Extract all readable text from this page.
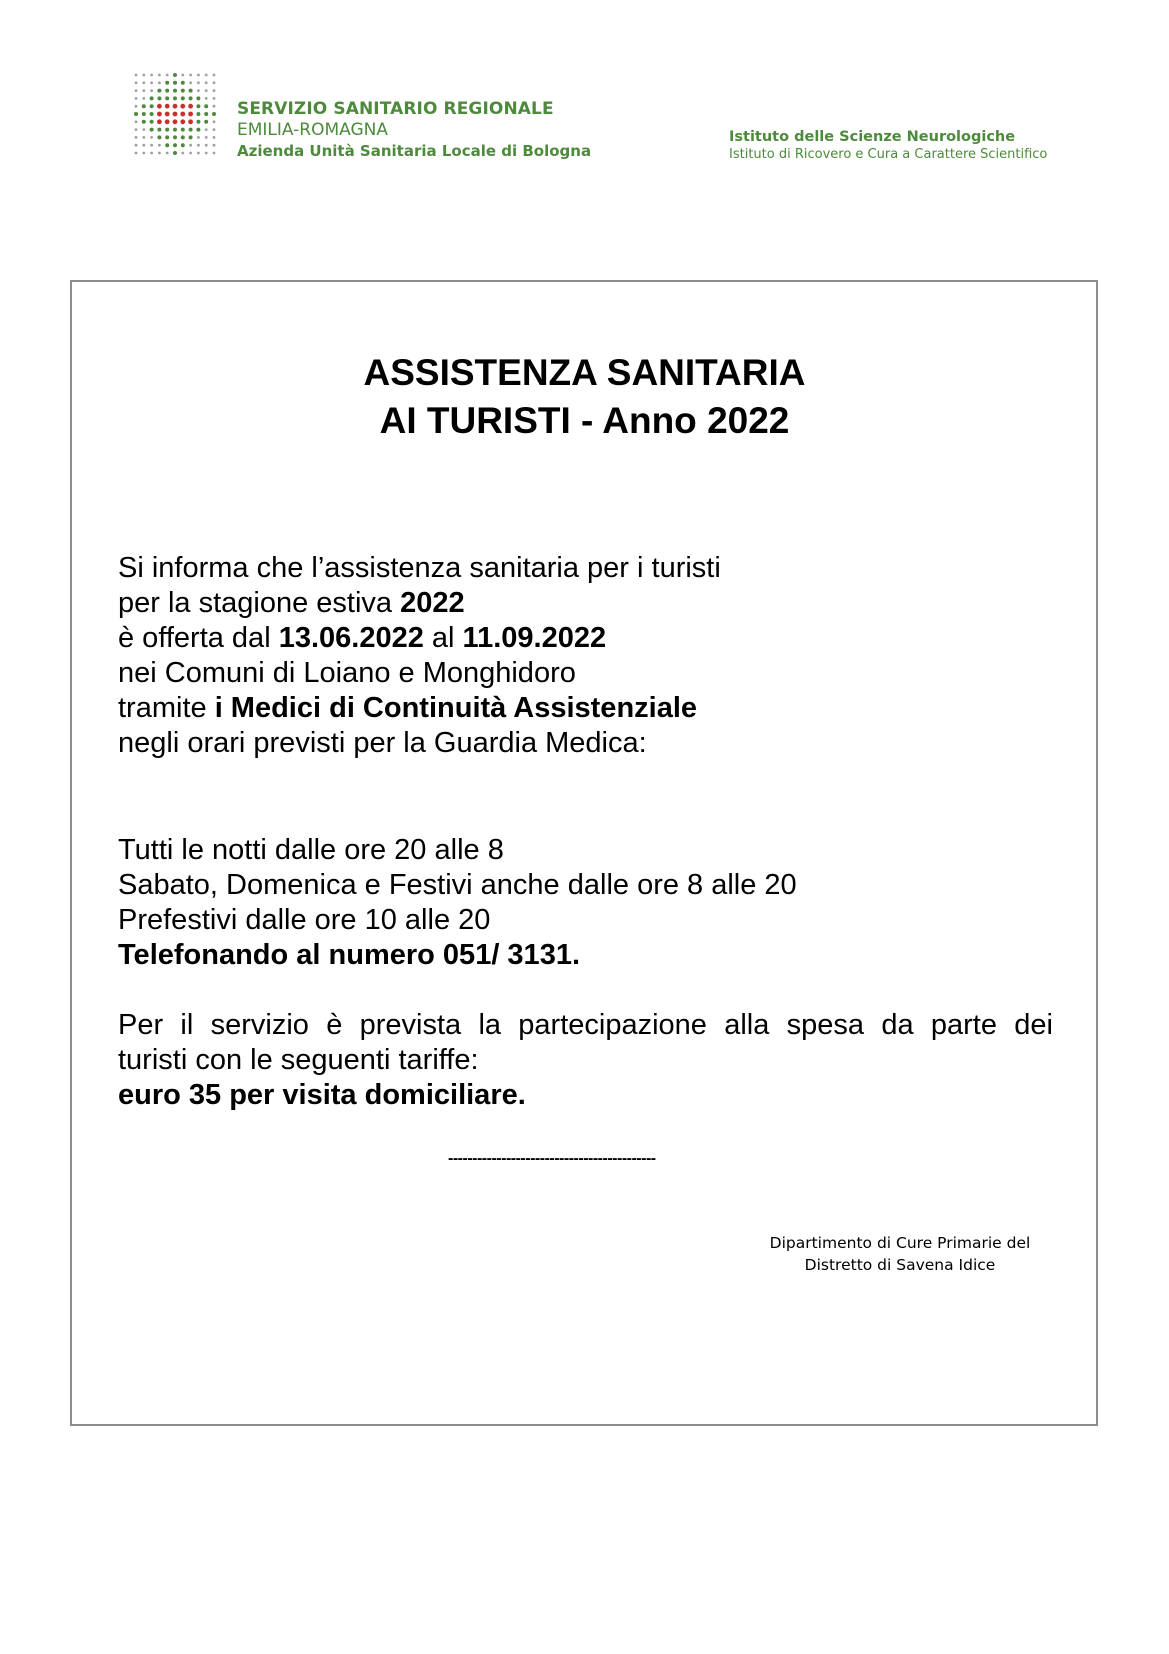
SERVIZIO SANITARIO REGIONALE
EMILIA-ROMAGNA
Azienda Unità Sanitaria Locale di Bologna
Istituto delle Scienze Neurologiche
Istituto di Ricovero e Cura a Carattere Scientifico
ASSISTENZA SANITARIA
AI TURISTI - Anno 2022
Si informa che l’assistenza sanitaria per i turisti
per la stagione estiva 2022
è offerta dal 13.06.2022 al 11.09.2022
nei Comuni di Loiano e Monghidoro
tramite i Medici di Continuità Assistenziale
negli orari previsti per la Guardia Medica:
Tutti le notti dalle ore 20 alle 8
Sabato, Domenica e Festivi anche dalle ore 8 alle 20
Prefestivi dalle ore 10 alle 20
Telefonando al numero 051/ 3131.
Per il servizio è prevista la partecipazione alla spesa da parte dei
turisti con le seguenti tariffe:
euro 35 per visita domiciliare.
-------------------------------------------
Dipartimento di Cure Primarie del
Distretto di Savena Idice
